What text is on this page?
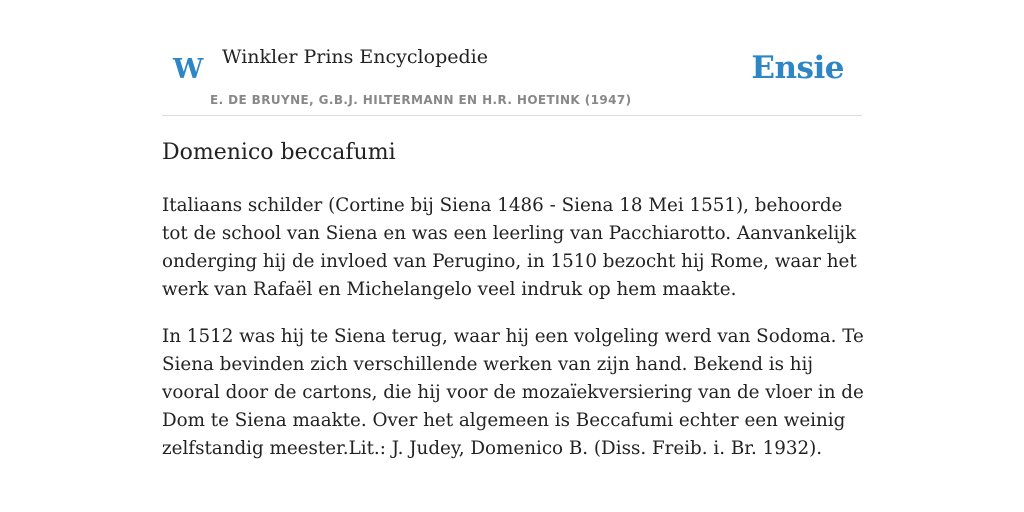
W Winkler Prins Encyclopedie
E. DE BRUYNE, G.B.J. HILTERMANN EN H.R. HOETINK (1947)
Ensie
Domenico beccafumi

Italiaans schilder (Cortine bij Siena 1486 - Siena 18 Mei 1551), behoorde tot de school van Siena en was een leerling van Pacchiarotto. Aanvankelijk onderging hij de invloed van Perugino, in 1510 bezocht hij Rome, waar het werk van Rafaël en Michelangelo veel indruk op hem maakte.

In 1512 was hij te Siena terug, waar hij een volgeling werd van Sodoma. Te Siena bevinden zich verschillende werken van zijn hand. Bekend is hij vooral door de cartons, die hij voor de mozaïekversiering van de vloer in de Dom te Siena maakte. Over het algemeen is Beccafumi echter een weinig zelfstandig meester.Lit.: J. Judey, Domenico B. (Diss. Freib. i. Br. 1932).
